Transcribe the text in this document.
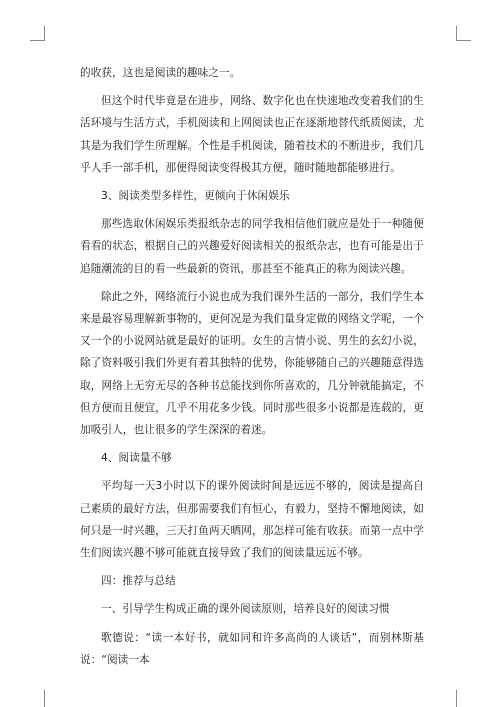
的收获，这也是阅读的趣味之一。

但这个时代毕竟是在进步，网络、数字化也在快速地改变着我们的生活环境与生活方式，手机阅读和上网阅读也正在逐渐地替代纸质阅读，尤其是为我们学生所理解。个性是手机阅读，随着技术的不断进步，我们几乎人手一部手机，那便得阅读变得极其方便，随时随地都能够进行。

3、阅读类型多样性，更倾向于休闲娱乐

那些选取休闲娱乐类报纸杂志的同学我相信他们就应是处于一种随便看看的状态，根据自己的兴趣爱好阅读相关的报纸杂志，也有可能是出于追随潮流的目的看一些最新的资讯，那甚至不能真正的称为阅读兴趣。

除此之外，网络流行小说也成为我们课外生活的一部分，我们学生本来是最容易理解新事物的，更何况是为我们量身定做的网络文学呢，一个又一个的小说网站就是最好的证明。女生的言情小说、男生的玄幻小说，除了资料吸引我们外更有着其独特的优势，你能够随自己的兴趣随意得选取，网络上无穷无尽的各种书总能找到你所喜欢的，几分钟就能搞定，不但方便而且便宜，几乎不用花多少钱。同时那些很多小说都是连载的，更加吸引人，也让很多的学生深深的着迷。

4、阅读量不够

平均每一天3小时以下的课外阅读时间是远远不够的，阅读是提高自己素质的最好方法，但那需要我们有恒心，有毅力，坚持不懈地阅读，如何只是一时兴趣，三天打鱼两天晒网，那怎样可能有收获。而第一点中学生们阅读兴趣不够可能就直接导致了我们的阅读量远远不够。

四：推荐与总结

一、引导学生构成正确的课外阅读原则，培养良好的阅读习惯

歌德说：“读一本好书，就如同和许多高尚的人谈话”，而别林斯基说：“阅读一本
